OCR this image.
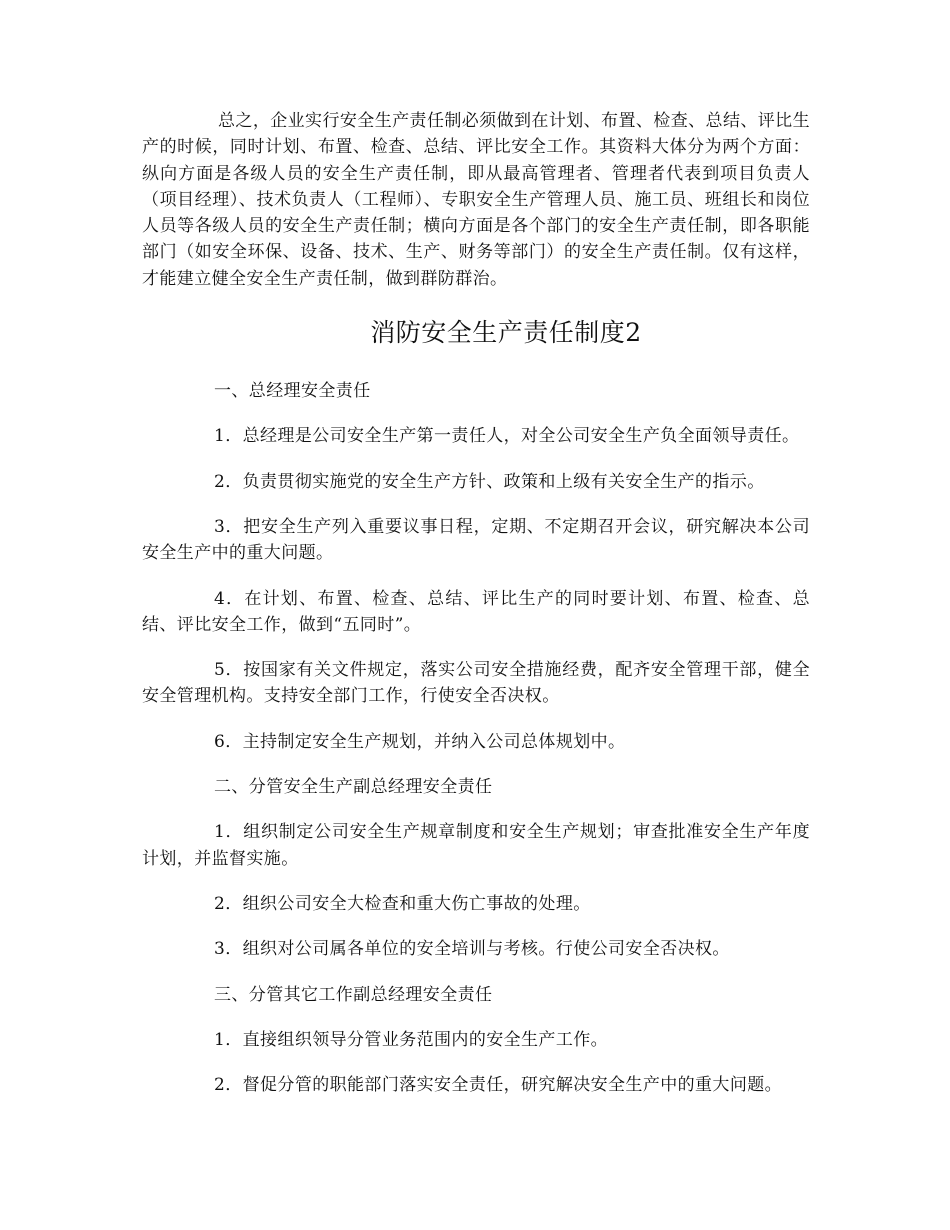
总之，企业实行安全生产责任制必须做到在计划、布置、检查、总结、评比生产的时候，同时计划、布置、检查、总结、评比安全工作。其资料大体分为两个方面：纵向方面是各级人员的安全生产责任制，即从最高管理者、管理者代表到项目负责人（项目经理）、技术负责人（工程师）、专职安全生产管理人员、施工员、班组长和岗位人员等各级人员的安全生产责任制；横向方面是各个部门的安全生产责任制，即各职能部门（如安全环保、设备、技术、生产、财务等部门）的安全生产责任制。仅有这样，才能建立健全安全生产责任制，做到群防群治。

消防安全生产责任制度2

一、总经理安全责任

1．总经理是公司安全生产第一责任人，对全公司安全生产负全面领导责任。

2．负责贯彻实施党的安全生产方针、政策和上级有关安全生产的指示。

3．把安全生产列入重要议事日程，定期、不定期召开会议，研究解决本公司安全生产中的重大问题。

4．在计划、布置、检查、总结、评比生产的同时要计划、布置、检查、总结、评比安全工作，做到“五同时”。

5．按国家有关文件规定，落实公司安全措施经费，配齐安全管理干部，健全安全管理机构。支持安全部门工作，行使安全否决权。

6．主持制定安全生产规划，并纳入公司总体规划中。

二、分管安全生产副总经理安全责任

1．组织制定公司安全生产规章制度和安全生产规划；审查批准安全生产年度计划，并监督实施。

2．组织公司安全大检查和重大伤亡事故的处理。

3．组织对公司属各单位的安全培训与考核。行使公司安全否决权。

三、分管其它工作副总经理安全责任

1．直接组织领导分管业务范围内的安全生产工作。

2．督促分管的职能部门落实安全责任，研究解决安全生产中的重大问题。
